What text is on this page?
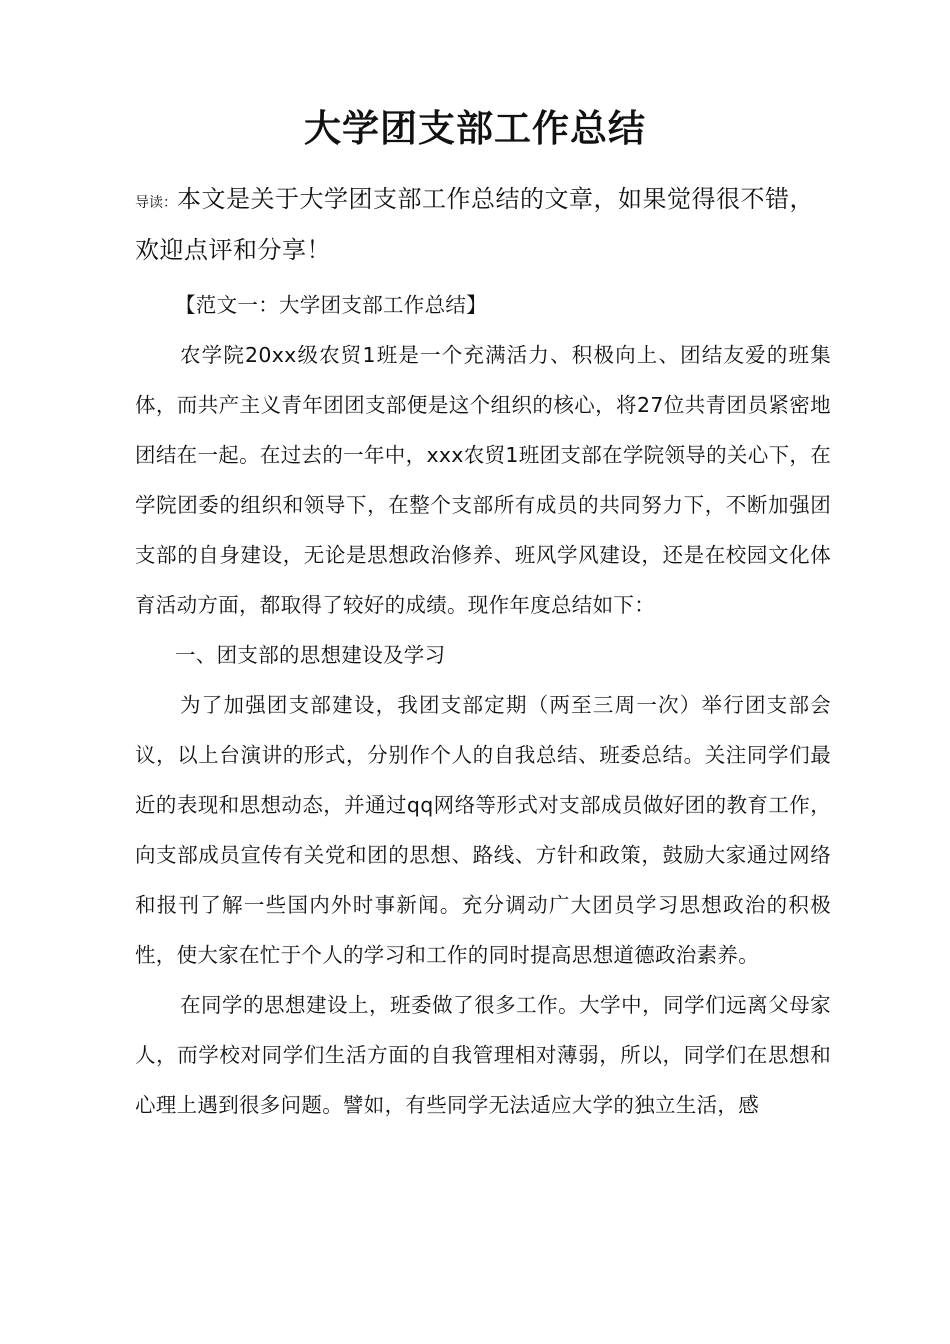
大学团支部工作总结

导读：本文是关于大学团支部工作总结的文章，如果觉得很不错，欢迎点评和分享！

【范文一：大学团支部工作总结】

农学院20xx级农贸1班是一个充满活力、积极向上、团结友爱的班集体，而共产主义青年团团支部便是这个组织的核心，将27位共青团员紧密地团结在一起。在过去的一年中，xxx农贸1班团支部在学院领导的关心下，在学院团委的组织和领导下，在整个支部所有成员的共同努力下，不断加强团支部的自身建设，无论是思想政治修养、班风学风建设，还是在校园文化体育活动方面，都取得了较好的成绩。现作年度总结如下：

一、团支部的思想建设及学习

为了加强团支部建设，我团支部定期（两至三周一次）举行团支部会议，以上台演讲的形式，分别作个人的自我总结、班委总结。关注同学们最近的表现和思想动态，并通过qq网络等形式对支部成员做好团的教育工作，向支部成员宣传有关党和团的思想、路线、方针和政策，鼓励大家通过网络和报刊了解一些国内外时事新闻。充分调动广大团员学习思想政治的积极性，使大家在忙于个人的学习和工作的同时提高思想道德政治素养。

在同学的思想建设上，班委做了很多工作。大学中，同学们远离父母家人，而学校对同学们生活方面的自我管理相对薄弱，所以，同学们在思想和心理上遇到很多问题。譬如，有些同学无法适应大学的独立生活，感
